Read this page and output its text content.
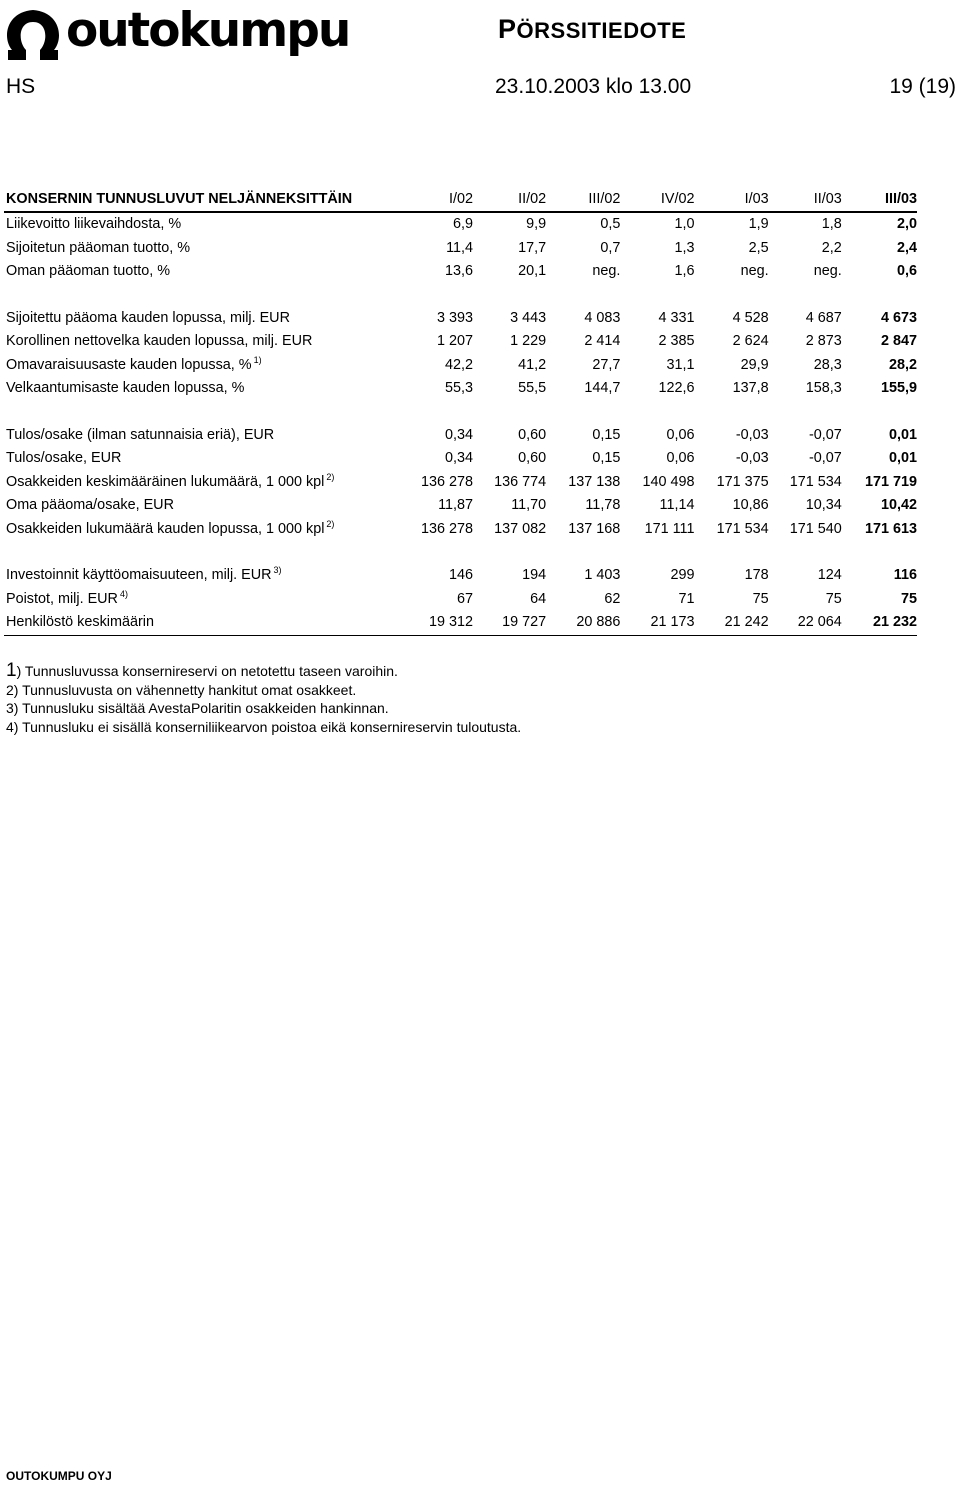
outokumpu	PÖRSSITIEDOTE
HS	23.10.2003 klo 13.00	19 (19)
KONSERNIN TUNNUSLUVUT NELJÄNNEKSITTÄIN	I/02	II/02	III/02	IV/02	I/03	II/03	III/03
Liikevoitto liikevaihdosta, %	6,9	9,9	0,5	1,0	1,9	1,8	2,0
Sijoitetun pääoman tuotto, %	11,4	17,7	0,7	1,3	2,5	2,2	2,4
Oman pääoman tuotto, %	13,6	20,1	neg.	1,6	neg.	neg.	0,6

Sijoitettu pääoma kauden lopussa, milj. EUR	3 393	3 443	4 083	4 331	4 528	4 687	4 673
Korollinen nettovelka kauden lopussa, milj. EUR	1 207	1 229	2 414	2 385	2 624	2 873	2 847
Omavaraisuusaste kauden lopussa, % $^{1)}$	42,2	41,2	27,7	31,1	29,9	28,3	28,2
Velkaantumisaste kauden lopussa, %	55,3	55,5	144,7	122,6	137,8	158,3	155,9

Tulos/osake (ilman satunnaisia eriä), EUR	0,34	0,60	0,15	0,06	-0,03	-0,07	0,01
Tulos/osake, EUR	0,34	0,60	0,15	0,06	-0,03	-0,07	0,01
Osakkeiden keskimääräinen lukumäärä, 1 000 kpl $^{2)}$	136 278	136 774	137 138	140 498	171 375	171 534	171 719
Oma pääoma/osake, EUR	11,87	11,70	11,78	11,14	10,86	10,34	10,42
Osakkeiden lukumäärä kauden lopussa, 1 000 kpl $^{2)}$	136 278	137 082	137 168	171 111	171 534	171 540	171 613

Investoinnit käyttöomaisuuteen, milj. EUR $^{3)}$	146	194	1 403	299	178	124	116
Poistot, milj. EUR $^{4)}$	67	64	62	71	75	75	75
Henkilöstö keskimäärin	19 312	19 727	20 886	21 173	21 242	22 064	21 232
1) Tunnusluvussa konsernireservi on netotettu taseen varoihin.
2) Tunnusluvusta on vähennetty hankitut omat osakkeet.
3) Tunnusluku sisältää AvestaPolaritin osakkeiden hankinnan.
4) Tunnusluku ei sisällä konserniliikearvon poistoa eikä konsernireservin tuloutusta.
OUTOKUMPU OYJ
